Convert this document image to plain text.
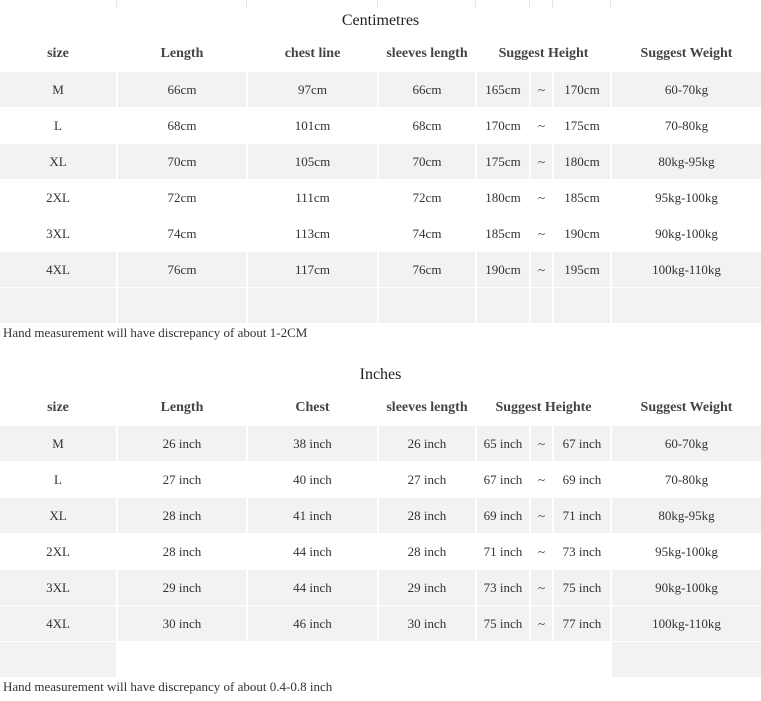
Centimetres
size	Length	chest line	sleeves length	Suggest Height	Suggest Weight
M	66cm	97cm	66cm	165cm	~	170cm	60-70kg
L	68cm	101cm	68cm	170cm	~	175cm	70-80kg
XL	70cm	105cm	70cm	175cm	~	180cm	80kg-95kg
2XL	72cm	111cm	72cm	180cm	~	185cm	95kg-100kg
3XL	74cm	113cm	74cm	185cm	~	190cm	90kg-100kg
4XL	76cm	117cm	76cm	190cm	~	195cm	100kg-110kg
Hand measurement will have discrepancy of about 1-2CM
Inches
size	Length	Chest	sleeves length	Suggest Heighte	Suggest Weight
M	26 inch	38 inch	26 inch	65 inch	~	67 inch	60-70kg
L	27 inch	40 inch	27 inch	67 inch	~	69 inch	70-80kg
XL	28 inch	41 inch	28 inch	69 inch	~	71 inch	80kg-95kg
2XL	28 inch	44 inch	28 inch	71 inch	~	73 inch	95kg-100kg
3XL	29 inch	44 inch	29 inch	73 inch	~	75 inch	90kg-100kg
4XL	30 inch	46 inch	30 inch	75 inch	~	77 inch	100kg-110kg
Hand measurement will have discrepancy of about 0.4-0.8 inch
